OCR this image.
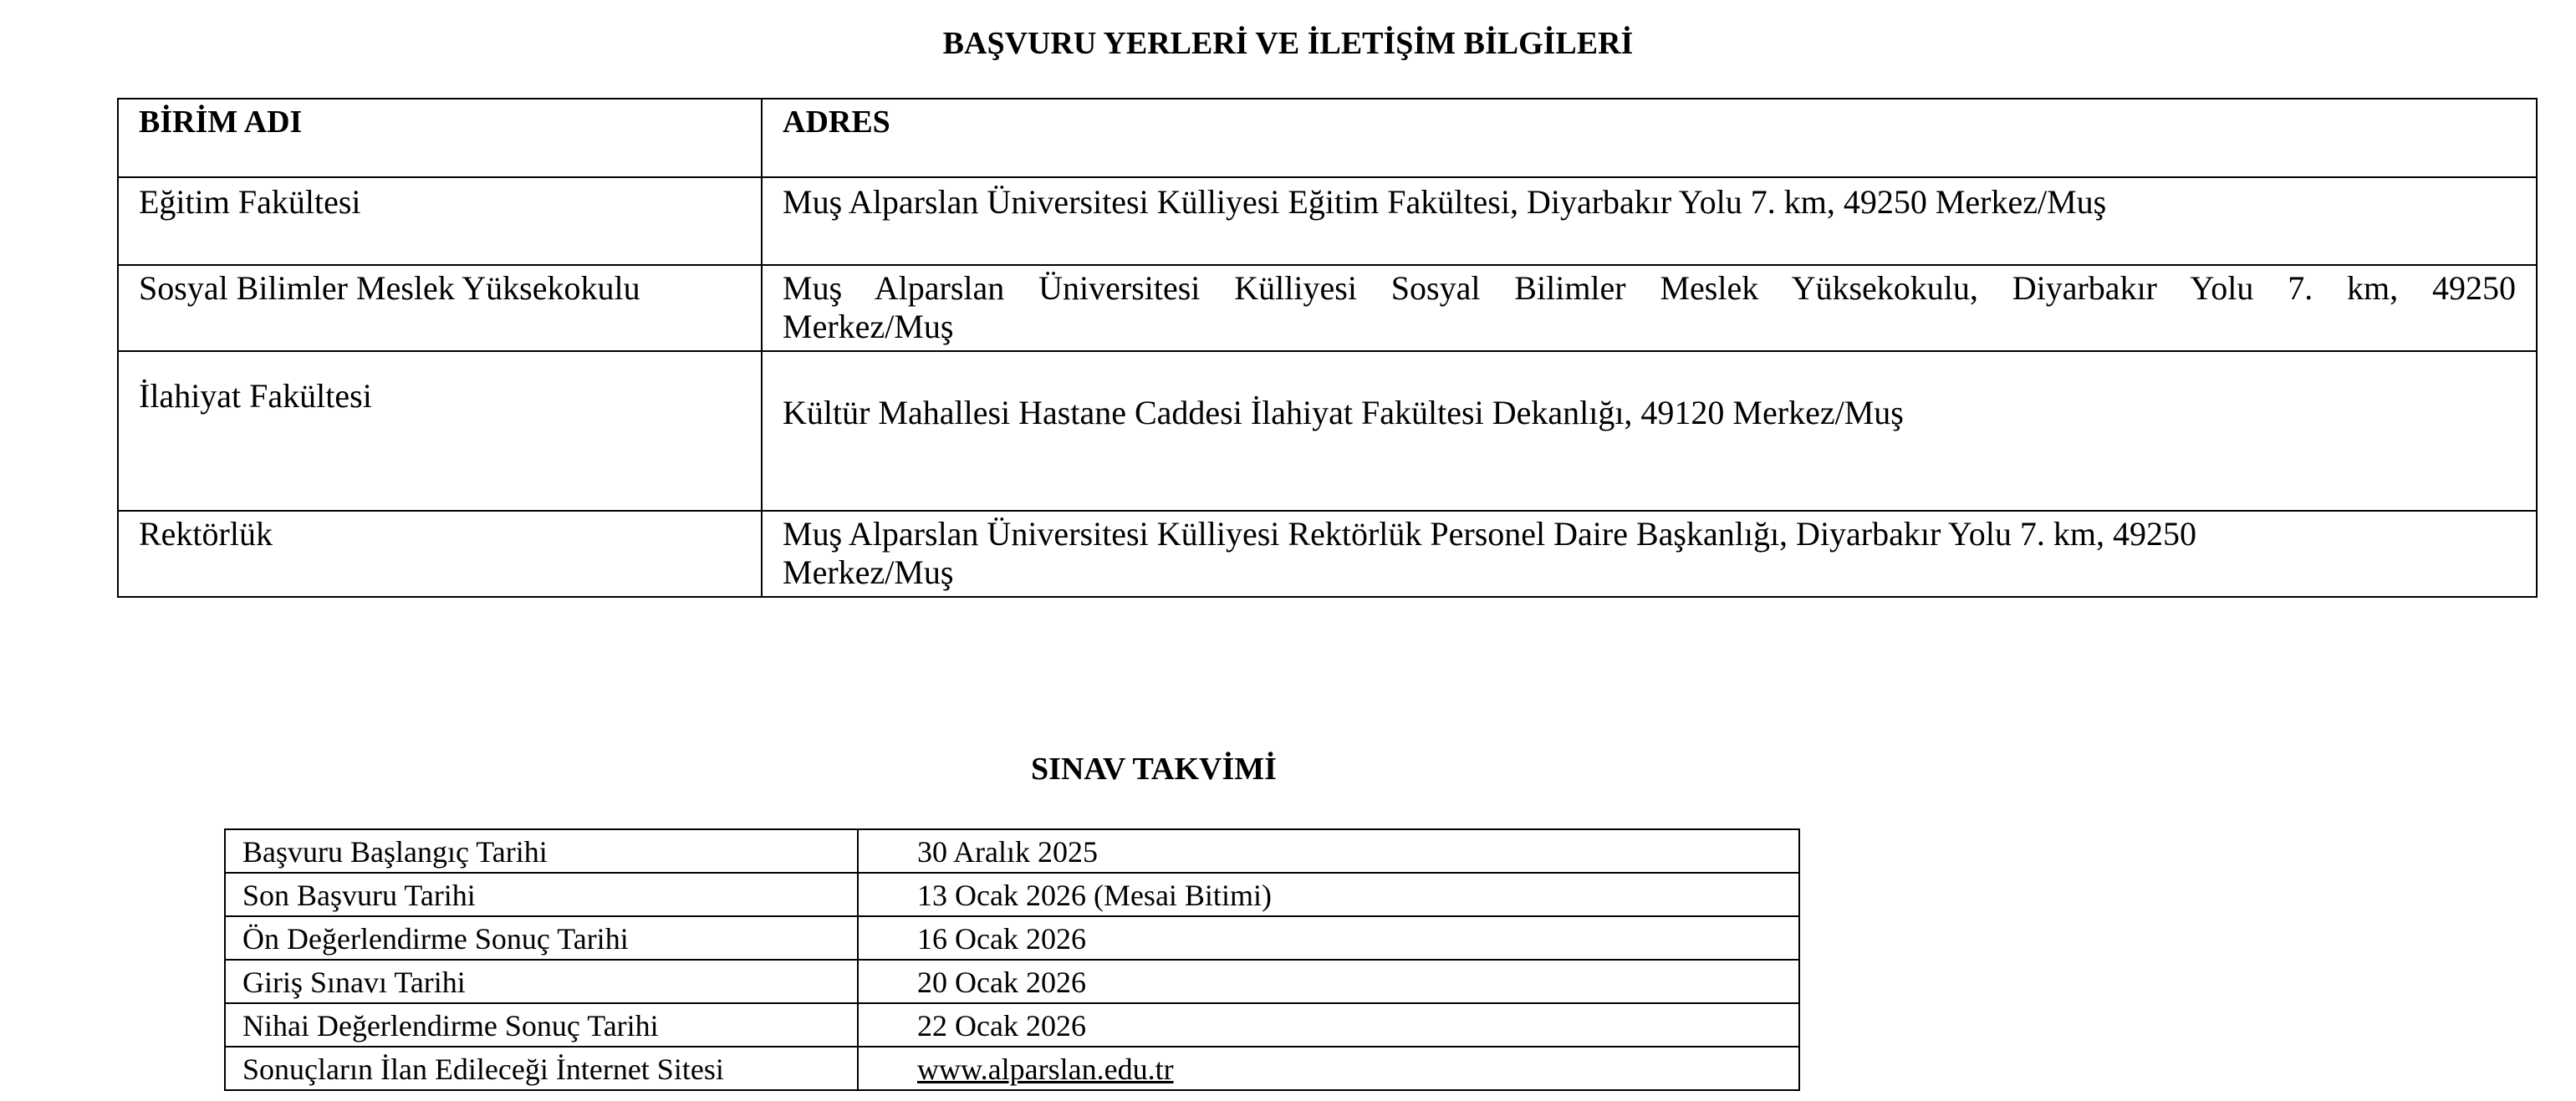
BAŞVURU YERLERİ VE İLETİŞİM BİLGİLERİ
BİRİM ADI	ADRES
Eğitim Fakültesi	Muş Alparslan Üniversitesi Külliyesi Eğitim Fakültesi, Diyarbakır Yolu 7. km, 49250 Merkez/Muş
Sosyal Bilimler Meslek Yüksekokulu	Muş Alparslan Üniversitesi Külliyesi Sosyal Bilimler Meslek Yüksekokulu, Diyarbakır Yolu 7. km, 49250
Merkez/Muş
İlahiyat Fakültesi	Kültür Mahallesi Hastane Caddesi İlahiyat Fakültesi Dekanlığı, 49120 Merkez/Muş
Rektörlük	Muş Alparslan Üniversitesi Külliyesi Rektörlük Personel Daire Başkanlığı, Diyarbakır Yolu 7. km, 49250
Merkez/Muş
SINAV TAKVİMİ
Başvuru Başlangıç Tarihi	30 Aralık 2025
Son Başvuru Tarihi	13 Ocak 2026 (Mesai Bitimi)
Ön Değerlendirme Sonuç Tarihi	16 Ocak 2026
Giriş Sınavı Tarihi	20 Ocak 2026
Nihai Değerlendirme Sonuç Tarihi	22 Ocak 2026
Sonuçların İlan Edileceği İnternet Sitesi	www.alparslan.edu.tr
